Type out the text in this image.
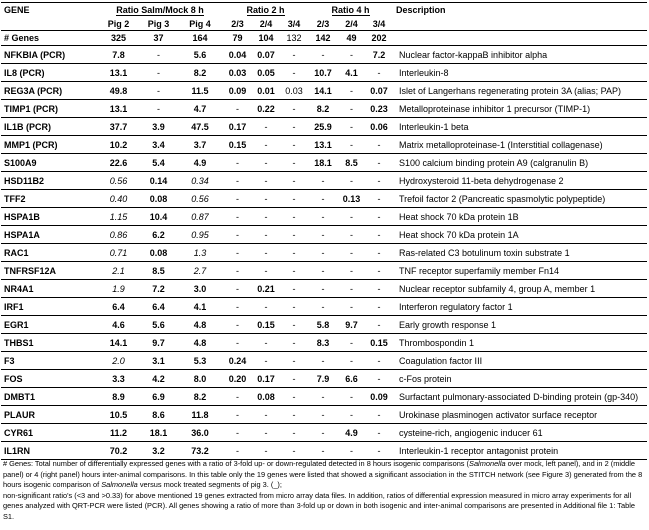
GENE	Ratio Salm/Mock 8 h			Ratio 2 h			Ratio 4 h			Description
	Pig 2	Pig 3	Pig 4	2/3	2/4	3/4	2/3	2/4	3/4	
# Genes	325	37	164	79	104	132	142	49	202	
NFKBIA (PCR)	7.8	-	5.6	0.04	0.07	-	-	-	7.2	Nuclear factor-kappaB inhibitor alpha
IL8 (PCR)	13.1	-	8.2	0.03	0.05	-	10.7	4.1	-	Interleukin-8
REG3A (PCR)	49.8	-	11.5	0.09	0.01	0.03	14.1	-	0.07	Islet of Langerhans regenerating protein 3A (alias; PAP)
TIMP1 (PCR)	13.1	-	4.7	-	0.22	-	8.2	-	0.23	Metalloproteinase inhibitor 1 precursor (TIMP-1)
IL1B (PCR)	37.7	3.9	47.5	0.17	-	-	25.9	-	0.06	Interleukin-1 beta
MMP1 (PCR)	10.2	3.4	3.7	0.15	-	-	13.1	-	-	Matrix metalloproteinase-1 (Interstitial collagenase)
S100A9	22.6	5.4	4.9	-	-	-	18.1	8.5	-	S100 calcium binding protein A9 (calgranulin B)
HSD11B2	0.56	0.14	0.34	-	-	-	-	-	-	Hydroxysteroid 11-beta dehydrogenase 2
TFF2	0.40	0.08	0.56	-	-	-	-	0.13	-	Trefoil factor 2 (Pancreatic spasmolytic polypeptide)
HSPA1B	1.15	10.4	0.87	-	-	-	-	-	-	Heat shock 70 kDa protein 1B
HSPA1A	0.86	6.2	0.95	-	-	-	-	-	-	Heat shock 70 kDa protein 1A
RAC1	0.71	0.08	1.3	-	-	-	-	-	-	Ras-related C3 botulinum toxin substrate 1
TNFRSF12A	2.1	8.5	2.7	-	-	-	-	-	-	TNF receptor superfamily member Fn14
NR4A1	1.9	7.2	3.0	-	0.21	-	-	-	-	Nuclear receptor subfamily 4, group A, member 1
IRF1	6.4	6.4	4.1	-	-	-	-	-	-	Interferon regulatory factor 1
EGR1	4.6	5.6	4.8	-	0.15	-	5.8	9.7	-	Early growth response 1
THBS1	14.1	9.7	4.8	-	-	-	8.3	-	0.15	Thrombospondin 1
F3	2.0	3.1	5.3	0.24	-	-	-	-	-	Coagulation factor III
FOS	3.3	4.2	8.0	0.20	0.17	-	7.9	6.6	-	c-Fos protein
DMBT1	8.9	6.9	8.2	-	0.08	-	-	-	0.09	Surfactant pulmonary-associated D-binding protein (gp-340)
PLAUR	10.5	8.6	11.8	-	-	-	-	-	-	Urokinase plasminogen activator surface receptor
CYR61	11.2	18.1	36.0	-	-	-	-	4.9	-	cysteine-rich, angiogenic inducer 61
IL1RN	70.2	3.2	73.2	-	-	-	-	-	-	Interleukin-1 receptor antagonist protein
# Genes: Total number of differentially expressed genes with a ratio of 3-fold up- or down-regulated detected in 8 hours isogenic comparisons (Salmonella over mock, left panel), and in 2 (middle panel) or 4 (right panel) hours inter-animal comparisons. In this table only the 19 genes were listed that showed a significant association in the STITCH network (see Figure 3) generated from the 8 hours isogenic comparison of Salmonella versus mock treated segments of pig 3. (_);
non-significant ratio's (<3 and >0.33) for above mentioned 19 genes extracted from micro array data files. In addition, ratios of differential expression measured in micro array experiments for all genes analyzed with QRT-PCR were listed (PCR). All genes showing a ratio of more than 3-fold up or down in both isogenic and inter-animal comparisons are presented in Additional file 1: Table S1.
